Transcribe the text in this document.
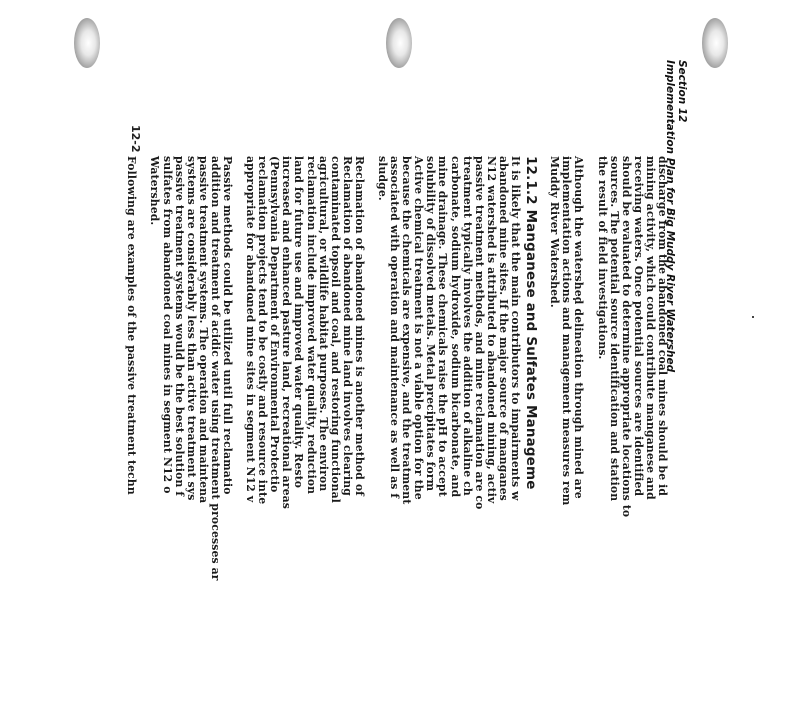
Section 12
Implementation Plan for Big Muddy River Watershed
12-2

discharge from the abandoned coal mines should be id
mining activity, which could contribute manganese and
receiving waters. Once potential sources are identified
should be evaluated to determine appropriate locations to
sources. The potential source identification and station
the result of field investigations.

Although the watershed delineation through mined are
implementation actions and management measures rem
Muddy River Watershed.

12.1.2 Manganese and Sulfates Manageme

It is likely that the main contributors to impairments w
abandoned mine sites. If the major source of manganes
N12 watershed is attributed to abandoned mining, activ
passive treatment methods, and mine reclamation are co
treatment typically involves the addition of alkaline ch
carbonate, sodium hydroxide, sodium bicarbonate, and
mine drainage. These chemicals raise the pH to accept
solubility of dissolved metals. Metal precipitates form
Active chemical treatment is not a viable option for the
because the chemicals are expensive, and the treatment
associated with operation and maintenance as well as f
sludge.

Reclamation of abandoned mines is another method of
Reclamation of abandoned mine land involves clearing
contaminated topsoil and coal, and restoring functional
agricultural, or wildlife habitat purposes. The environ
reclamation include improved water quality, reduction
land for future use and improved water quality. Resto
increased and enhanced pasture land, recreational areas
(Pennsylvania Department of Environmental Protectio
reclamation projects tend to be costly and resource inte
appropriate for abandoned mine sites in segment N12 v

Passive methods could be utilized until full reclamatio
addition and treatment of acidic water using treatment processes ar
passive treatment systems. The operation and maintena
systems are considerably less than active treatment sys
passive treatment systems would be the best solution f
sulfates from abandoned coal mines in segment N12 o
Watershed.

Following are examples of the passive treatment techn
